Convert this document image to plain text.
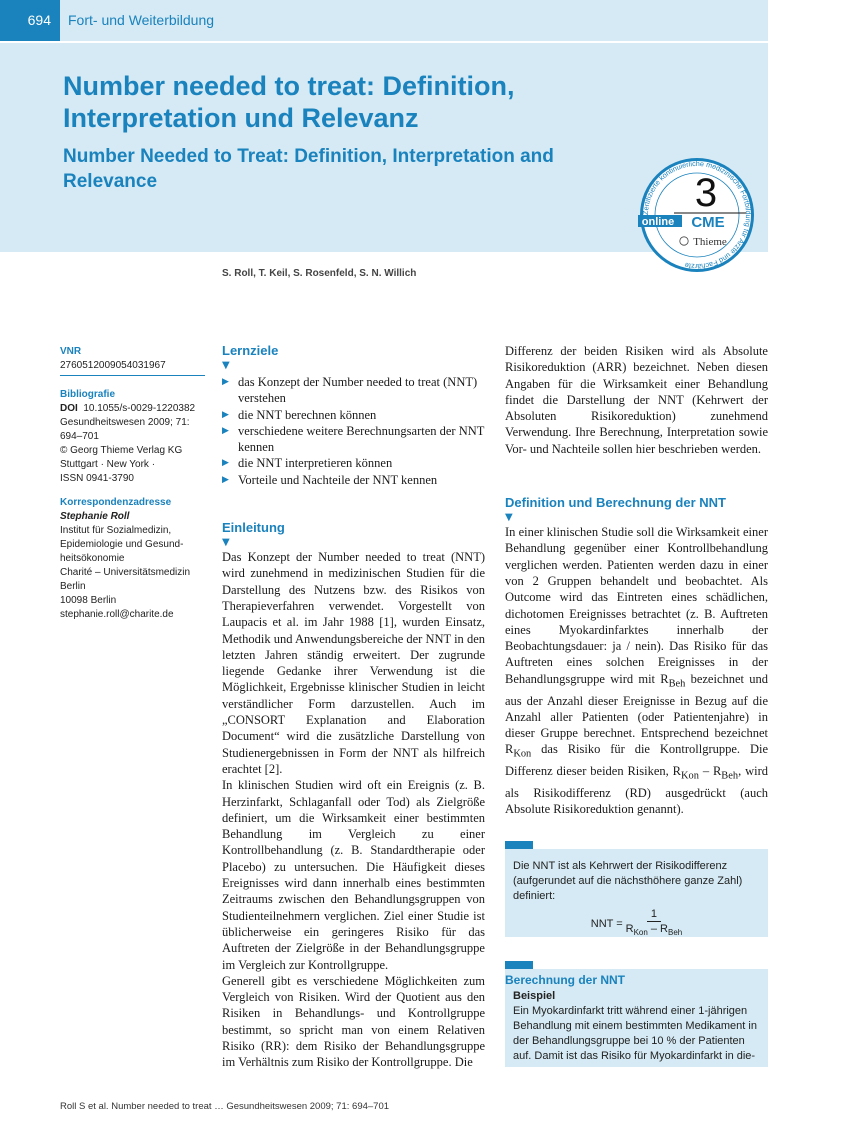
694	Fort- und Weiterbildung
Number needed to treat: Definition, Interpretation und Relevanz
Number Needed to Treat: Definition, Interpretation and Relevance
Zertifizierte kontinuierliche medizinische Fortbildung für Ärzte und Fachärzte
3
online CME
Thieme
S. Roll, T. Keil, S. Rosenfeld, S. N. Willich
VNR
2760512009054031967
Bibliografie
DOI 10.1055/s-0029-1220382
Gesundheitswesen 2009; 71:
694–701
© Georg Thieme Verlag KG
Stuttgart · New York ·
ISSN 0941-3790
Korrespondenzadresse
Stephanie Roll
Institut für Sozialmedizin,
Epidemiologie und Gesund-
heitsökonomie
Charité – Universitätsmedizin
Berlin
10098 Berlin
stephanie.roll@charite.de
Lernziele
▼
▶ das Konzept der Number needed to treat (NNT) verstehen
▶ die NNT berechnen können
▶ verschiedene weitere Berechnungsarten der NNT kennen
▶ die NNT interpretieren können
▶ Vorteile und Nachteile der NNT kennen
Einleitung
▼

Das Konzept der Number needed to treat (NNT) wird zunehmend in medizinischen Studien für die Darstellung des Nutzens bzw. des Risikos von Therapieverfahren verwendet. Vorgestellt von Laupacis et al. im Jahr 1988 [1], wurden Einsatz, Methodik und Anwendungsbereiche der NNT in den letzten Jahren ständig erweitert. Der zugrunde liegende Gedanke ihrer Verwendung ist die Möglichkeit, Ergebnisse klinischer Studien in leicht verständlicher Form darzustellen. Auch im „CONSORT Explanation and Elaboration Document“ wird die zusätzliche Darstellung von Studienergebnissen in Form der NNT als hilfreich erachtet [2].

In klinischen Studien wird oft ein Ereignis (z. B. Herzinfarkt, Schlaganfall oder Tod) als Zielgröße definiert, um die Wirksamkeit einer bestimmten Behandlung im Vergleich zu einer Kontrollbehandlung (z. B. Standardtherapie oder Placebo) zu untersuchen. Die Häufigkeit dieses Ereignisses wird dann innerhalb eines bestimmten Zeitraums zwischen den Behandlungsgruppen von Studienteilnehmern verglichen. Ziel einer Studie ist üblicherweise ein geringeres Risiko für das Auftreten der Zielgröße in der Behandlungsgruppe im Vergleich zur Kontrollgruppe.

Generell gibt es verschiedene Möglichkeiten zum Vergleich von Risiken. Wird der Quotient aus den Risiken in Behandlungs- und Kontrollgruppe bestimmt, so spricht man von einem Relativen Risiko (RR): dem Risiko der Behandlungsgruppe im Verhältnis zum Risiko der Kontrollgruppe. Die

Differenz der beiden Risiken wird als Absolute Risikoreduktion (ARR) bezeichnet. Neben diesen Angaben für die Wirksamkeit einer Behandlung findet die Darstellung der NNT (Kehrwert der Absoluten Risikoreduktion) zunehmend Verwendung. Ihre Berechnung, Interpretation sowie Vor- und Nachteile sollen hier beschrieben werden.

Definition und Berechnung der NNT
▼

In einer klinischen Studie soll die Wirksamkeit einer Behandlung gegenüber einer Kontrollbehandlung verglichen werden. Patienten werden dazu in einer von 2 Gruppen behandelt und beobachtet. Als Outcome wird das Eintreten eines schädlichen, dichotomen Ereignisses betrachtet (z. B. Auftreten eines Myokardinfarktes innerhalb der Beobachtungsdauer: ja / nein). Das Risiko für das Auftreten eines solchen Ereignisses in der Behandlungsgruppe wird mit $R_{Beh}$ bezeichnet und aus der Anzahl dieser Ereignisse in Bezug auf die Anzahl aller Patienten (oder Patientenjahre) in dieser Gruppe berechnet. Entsprechend bezeichnet $R_{Kon}$ das Risiko für die Kontrollgruppe. Die Differenz dieser beiden Risiken, $R_{Kon} - R_{Beh}$, wird als Risikodifferenz (RD) ausgedrückt (auch Absolute Risikoreduktion genannt).

Die NNT ist als Kehrwert der Risikodifferenz (aufgerundet auf die nächsthöhere ganze Zahl) definiert:
NNT = $\frac{1}{R_{Kon} - R_{Beh}}$
Berechnung der NNT
Beispiel
Ein Myokardinfarkt tritt während einer 1-jährigen Behandlung mit einem bestimmten Medikament in der Behandlungsgruppe bei 10 % der Patienten auf. Damit ist das Risiko für Myokardinfarkt in die-
Roll S et al. Number needed to treat … Gesundheitswesen 2009; 71: 694–701
